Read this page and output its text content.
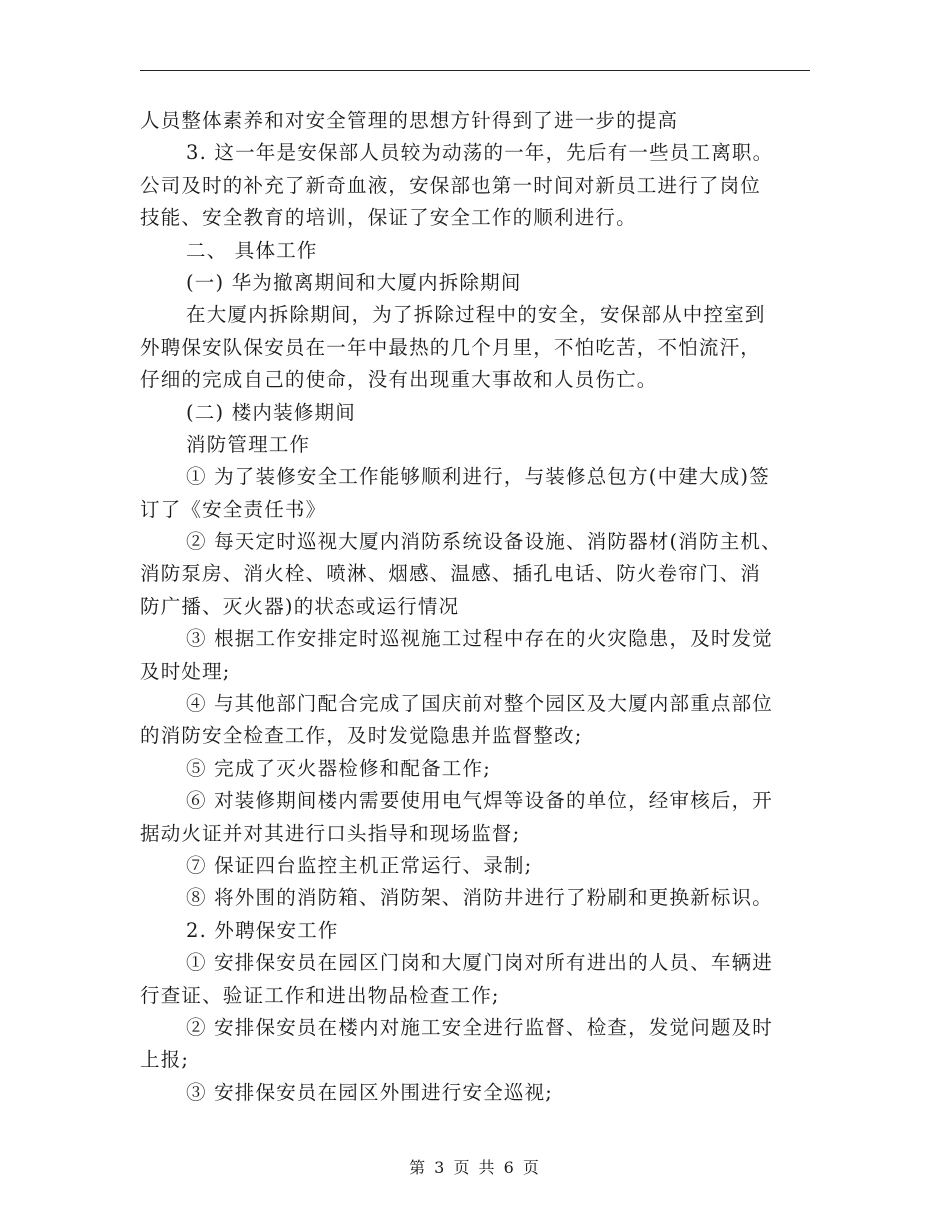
人员整体素养和对安全管理的思想方针得到了进一步的提高
3. 这一年是安保部人员较为动荡的一年，先后有一些员工离职。
公司及时的补充了新奇血液，安保部也第一时间对新员工进行了岗位
技能、安全教育的培训，保证了安全工作的顺利进行。
二、 具体工作
(一) 华为撤离期间和大厦内拆除期间
在大厦内拆除期间，为了拆除过程中的安全，安保部从中控室到
外聘保安队保安员在一年中最热的几个月里，不怕吃苦，不怕流汗，
仔细的完成自己的使命，没有出现重大事故和人员伤亡。
(二) 楼内装修期间
消防管理工作
① 为了装修安全工作能够顺利进行，与装修总包方(中建大成)签
订了《安全责任书》
② 每天定时巡视大厦内消防系统设备设施、消防器材(消防主机、
消防泵房、消火栓、喷淋、烟感、温感、插孔电话、防火卷帘门、消
防广播、灭火器)的状态或运行情况
③ 根据工作安排定时巡视施工过程中存在的火灾隐患，及时发觉
及时处理;
④ 与其他部门配合完成了国庆前对整个园区及大厦内部重点部位
的消防安全检查工作，及时发觉隐患并监督整改;
⑤ 完成了灭火器检修和配备工作;
⑥ 对装修期间楼内需要使用电气焊等设备的单位，经审核后，开
据动火证并对其进行口头指导和现场监督;
⑦ 保证四台监控主机正常运行、录制;
⑧ 将外围的消防箱、消防架、消防井进行了粉刷和更换新标识。
2. 外聘保安工作
① 安排保安员在园区门岗和大厦门岗对所有进出的人员、车辆进
行查证、验证工作和进出物品检查工作;
② 安排保安员在楼内对施工安全进行监督、检查，发觉问题及时
上报;
③ 安排保安员在园区外围进行安全巡视;
第 3 页 共 6 页
